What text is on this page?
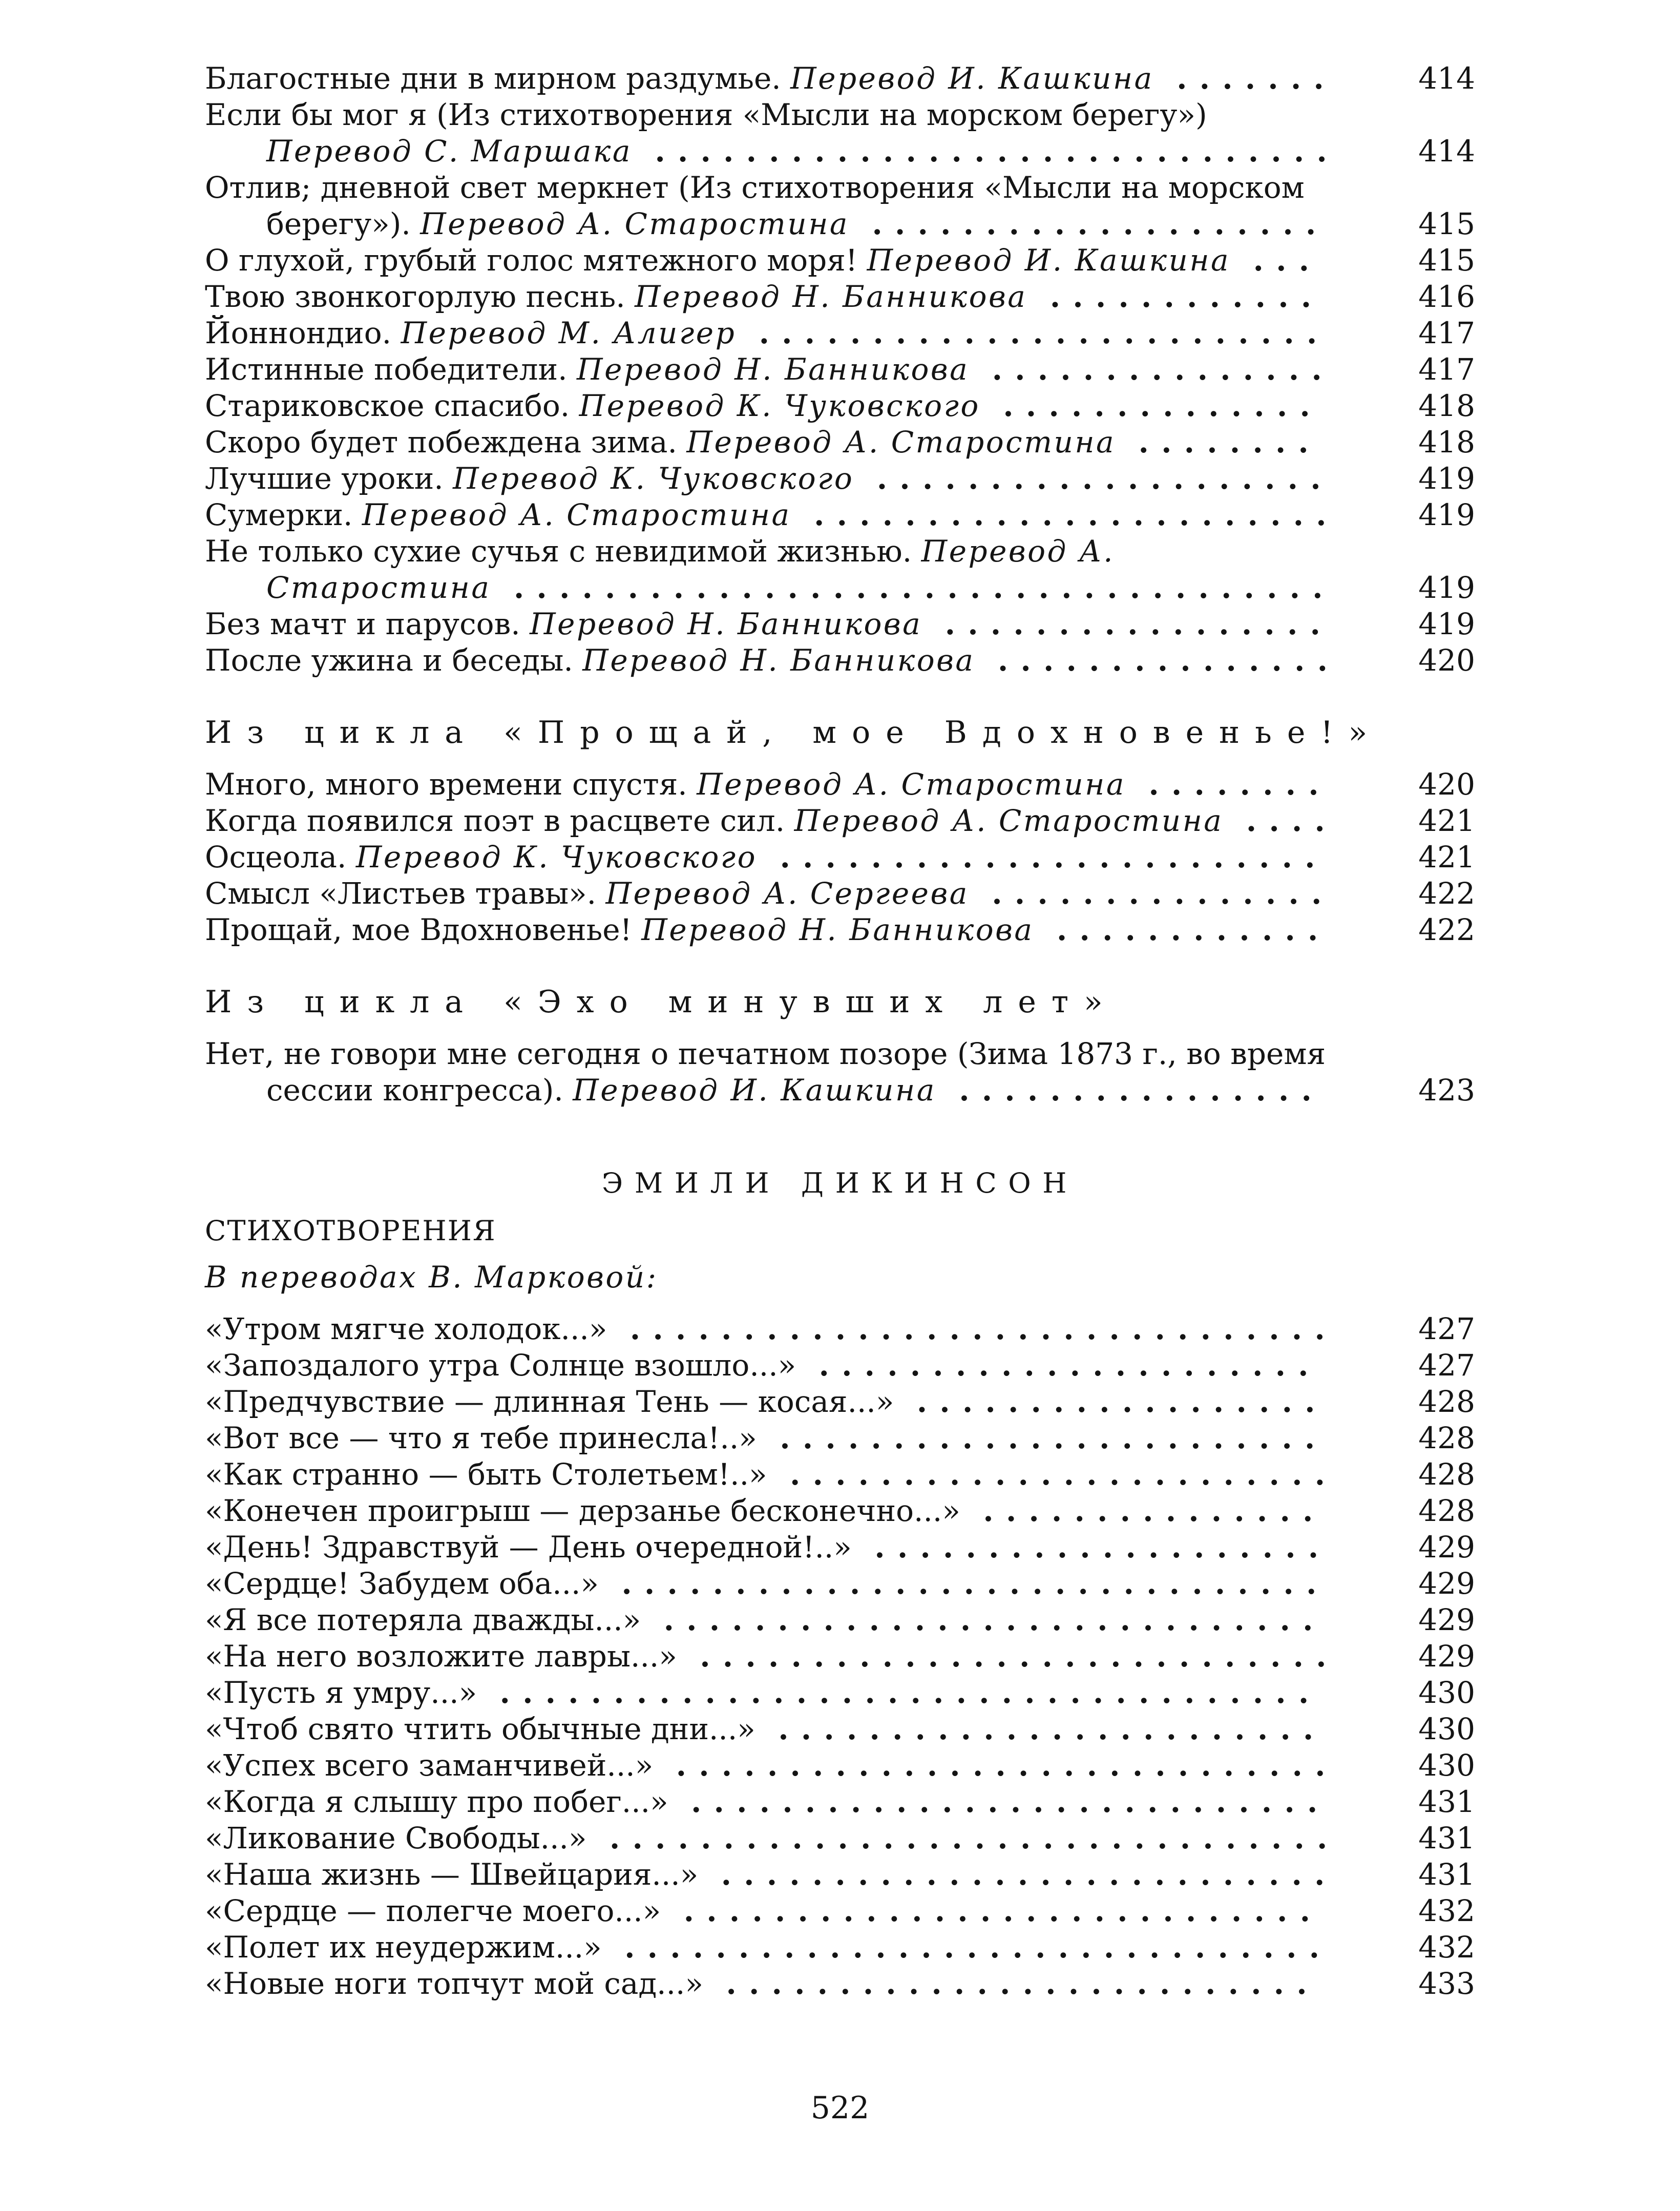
Благостные дни в мирном раздумье. Перевод И. Кашкина .......	414
Если бы мог я (Из стихотворения «Мысли на морском берегу») Перевод С. Маршака ..............................	414
Отлив; дневной свет меркнет (Из стихотворения «Мысли на морском берегу»). Перевод А. Старостина ....................	415
О глухой, грубый голос мятежного моря! Перевод И. Кашкина ...	415
Твою звонкогорлую песнь. Перевод Н. Банникова ............	416
Йоннондио. Перевод М. Алигер .........................	417
Истинные победители. Перевод Н. Банникова ...............	417
Стариковское спасибо. Перевод К. Чуковского ..............	418
Скоро будет побеждена зима. Перевод А. Старостина ........	418
Лучшие уроки. Перевод К. Чуковского ....................	419
Сумерки. Перевод А. Старостина .......................	419
Не только сухие сучья с невидимой жизнью. Перевод А. Старостина ....................................	419
Без мачт и парусов. Перевод Н. Банникова .................	419
После ужина и беседы. Перевод Н. Банникова ...............	420
Из цикла «Прощай, мое Вдохновенье!»
Много, много времени спустя. Перевод А. Старостина ........	420
Когда появился поэт в расцвете сил. Перевод А. Старостина ....	421
Осцеола. Перевод К. Чуковского ........................	421
Смысл «Листьев травы». Перевод А. Сергеева ...............	422
Прощай, мое Вдохновенье! Перевод Н. Банникова ............	422
Из цикла «Эхо минувших лет»
Нет, не говори мне сегодня о печатном позоре (Зима 1873 г., во время сессии конгресса). Перевод И. Кашкина ................	423
ЭМИЛИ ДИКИНСОН
СТИХОТВОРЕНИЯ
В переводах В. Марковой:
«Утром мягче холодок...» ...............................	427
«Запоздалого утра Солнце взошло...» ......................	427
«Предчувствие — длинная Тень — косая...» ..................	428
«Вот все — что я тебе принесла!..» ........................	428
«Как странно — быть Столетьем!..» ........................	428
«Конечен проигрыш — дерзанье бесконечно...» ...............	428
«День! Здравствуй — День очередной!..» ....................	429
«Сердце! Забудем оба...» ...............................	429
«Я все потеряла дважды...» .............................	429
«На него возложите лавры...» ............................	429
«Пусть я умру...» ....................................	430
«Чтоб свято чтить обычные дни...» ........................	430
«Успех всего заманчивей...» .............................	430
«Когда я слышу про побег...» ............................	431
«Ликование Свободы...» ................................	431
«Наша жизнь — Швейцария...» ...........................	431
«Сердце — полегче моего...» ............................	432
«Полет их неудержим...» ...............................	432
«Новые ноги топчут мой сад...» ..........................	433
522
